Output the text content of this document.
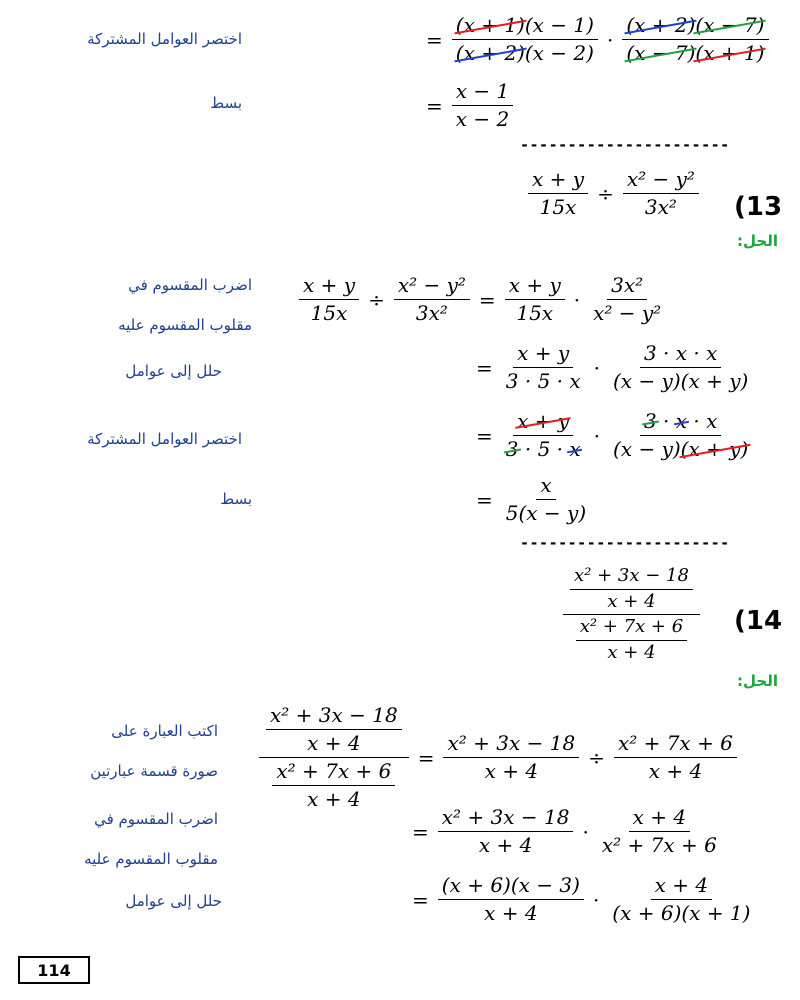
= $\frac{(x + 1)(x - 1)}{(x + 2)(x - 2)} \cdot \frac{(x + 2)(x - 7)}{(x - 7)(x + 1)}$
اختصر العوامل المشتركة
= $\frac{x - 1}{x - 2}$
بسط
----------------------
$\frac{x + y}{15x} \div \frac{\text{x² − y²}}{\text{3x²}} (13$
الحل:
$\frac{x + y}{15x} \div \frac{\text{x² − y²}}{\text{3x²}} = \frac{x + y}{15x} \cdot \frac{\text{3x²}}{\text{x² − y²}}$
اضرب المقسوم في
مقلوب المقسوم عليه
= $\frac{x + y}{3 \cdot 5 \cdot x} \cdot \frac{3 \cdot x \cdot x}{(x - y)(x + y)}$
حلل إلى عوامل
= $\frac{x + y}{3 \cdot 5 \cdot x} \cdot \frac{3 \cdot x \cdot x}{(x - y)(x + y)}$
اختصر العوامل المشتركة
= $\frac{x}{5(x - y)}$
بسط
----------------------
$\frac{\frac{\text{x² + 3x − 18}}{x + 4}}{\frac{\text{x² + 7x + 6}}{x + 4}} (14$
الحل:
$\frac{\frac{\text{x² + 3x − 18}}{x + 4}}{\frac{\text{x² + 7x + 6}}{x + 4}} = \frac{\text{x² + 3x − 18}}{x + 4} \div \frac{\text{x² + 7x + 6}}{x + 4}$
اكتب العبارة على
صورة قسمة عبارتين
= $\frac{\text{x² + 3x − 18}}{x + 4} \cdot \frac{x + 4}{\text{x² + 7x + 6}}$
اضرب المقسوم في
مقلوب المقسوم عليه
= $\frac{(x + 6)(x - 3)}{x + 4} \cdot \frac{x + 4}{(x + 6)(x + 1)}$
حلل إلى عوامل
114
